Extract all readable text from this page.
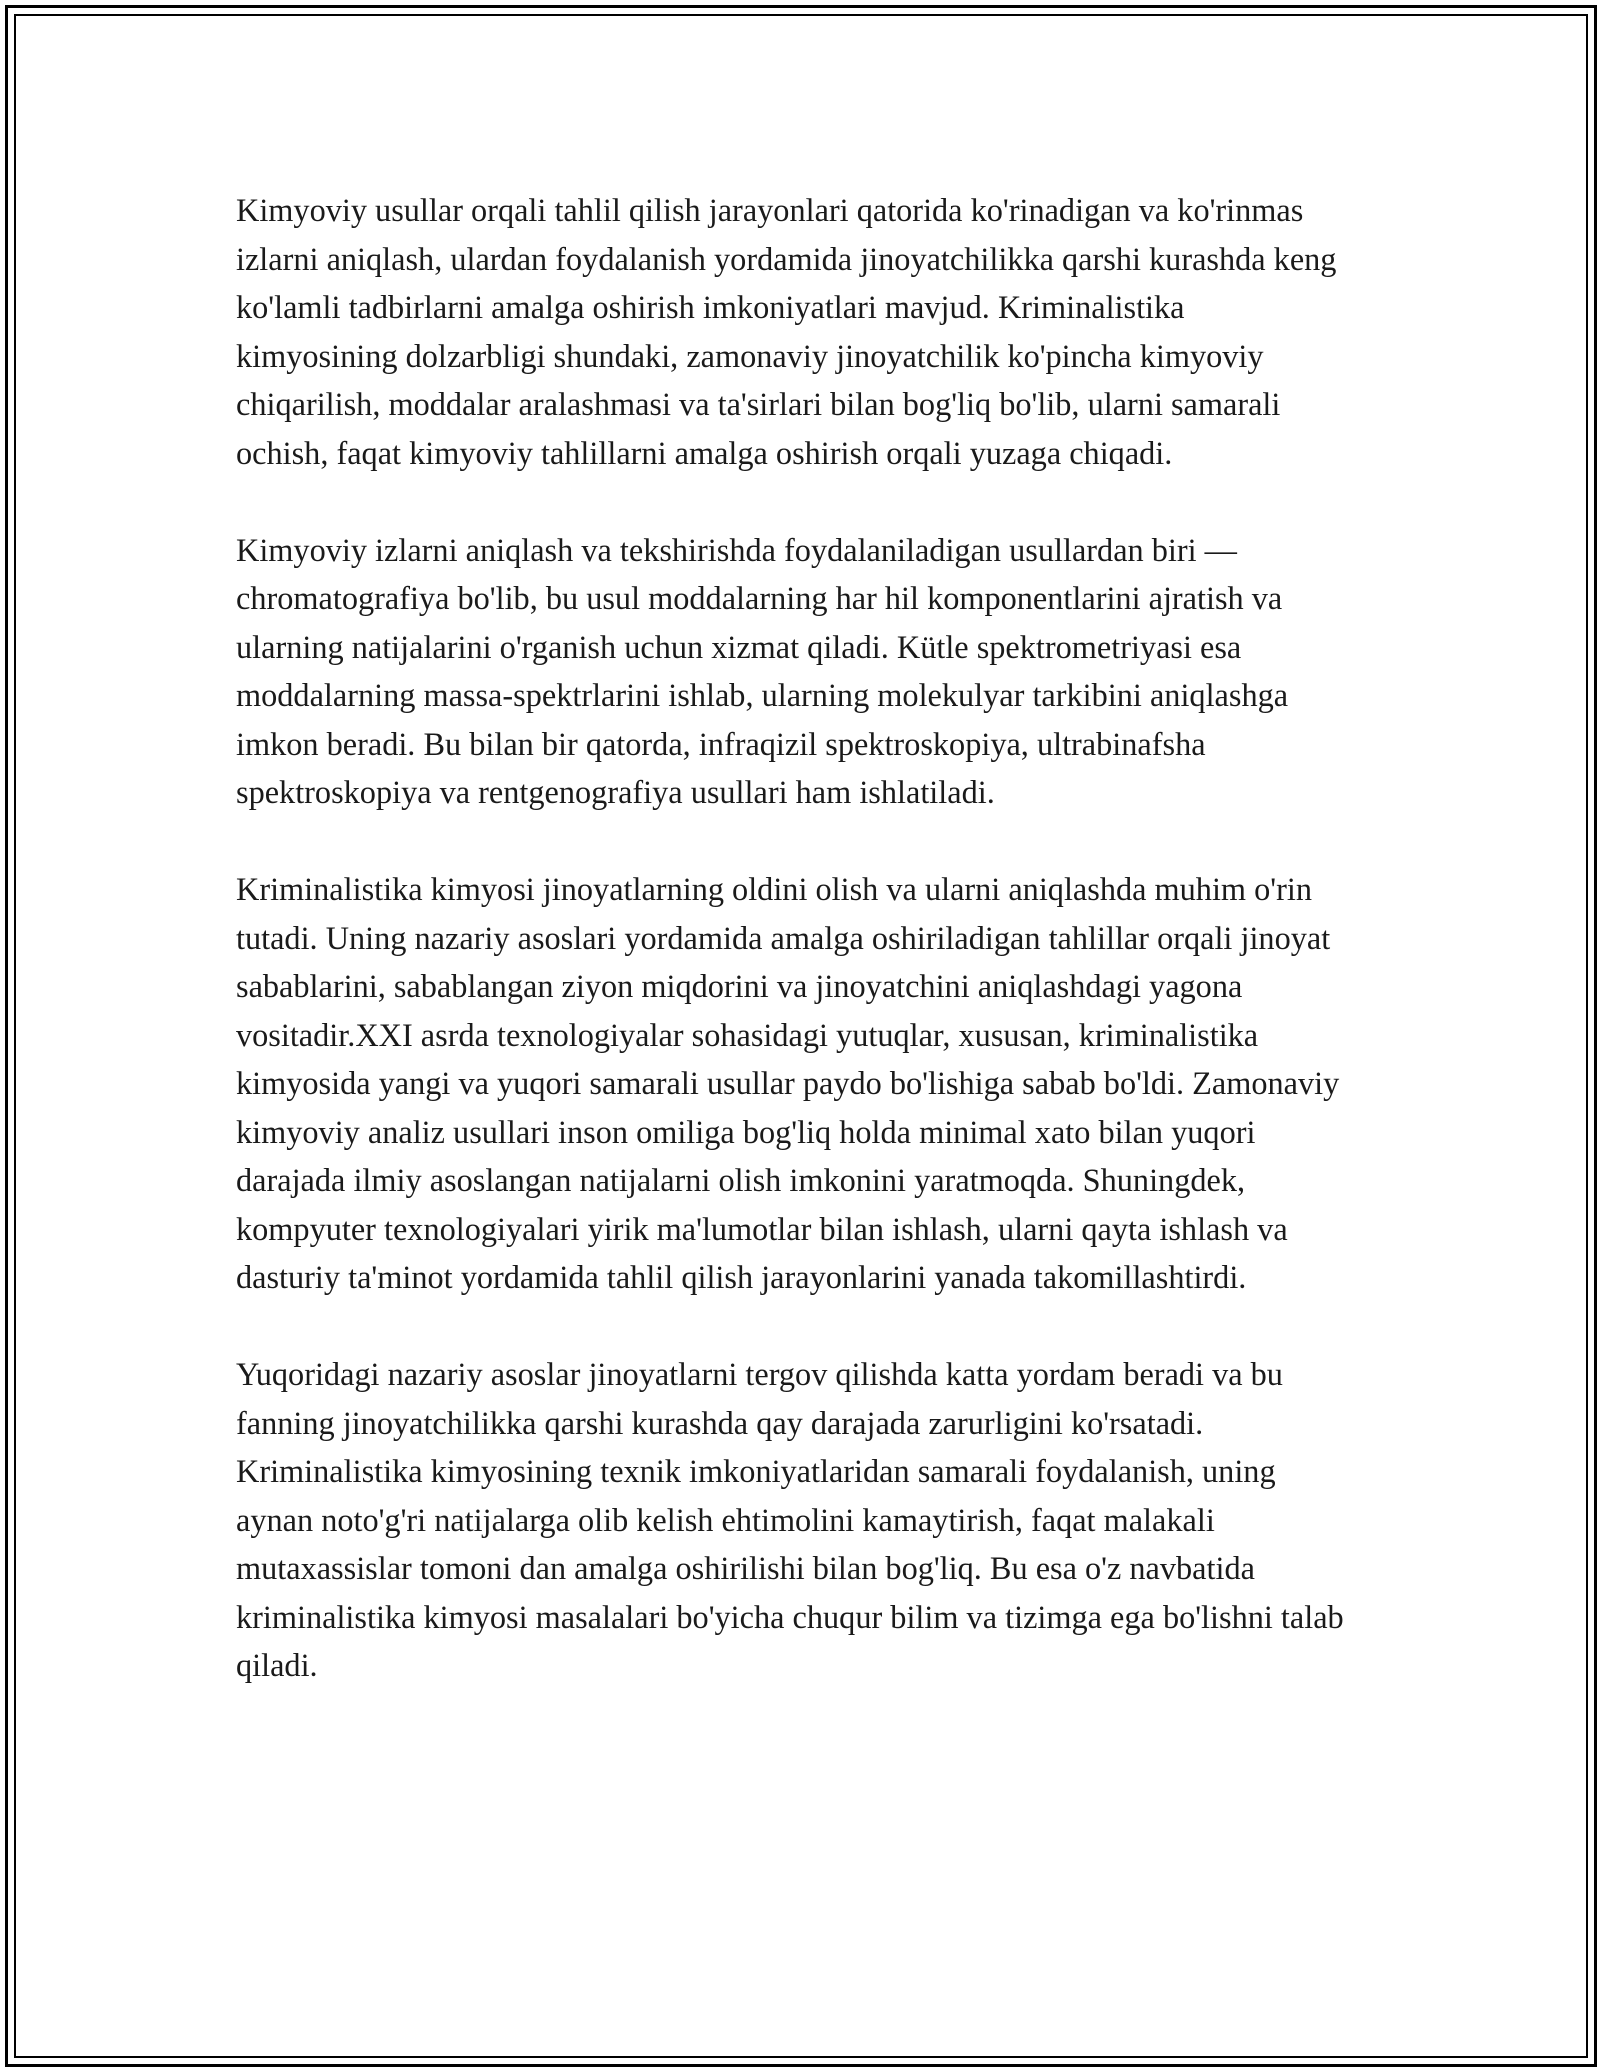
Kimyoviy usullar orqali tahlil qilish jarayonlari qatorida ko'rinadigan va ko'rinmas izlarni aniqlash, ulardan foydalanish yordamida jinoyatchilikka qarshi kurashda keng ko'lamli tadbirlarni amalga oshirish imkoniyatlari mavjud. Kriminalistika kimyosining dolzarbligi shundaki, zamonaviy jinoyatchilik ko'pincha kimyoviy chiqarilish, moddalar aralashmasi va ta'sirlari bilan bog'liq bo'lib, ularni samarali ochish, faqat kimyoviy tahlillarni amalga oshirish orqali yuzaga chiqadi.

Kimyoviy izlarni aniqlash va tekshirishda foydalaniladigan usullardan biri — chromatografiya bo'lib, bu usul moddalarning har hil komponentlarini ajratish va ularning natijalarini o'rganish uchun xizmat qiladi. Kütle spektrometriyasi esa moddalarning massa-spektrlarini ishlab, ularning molekulyar tarkibini aniqlashga imkon beradi. Bu bilan bir qatorda, infraqizil spektroskopiya, ultrabinafsha spektroskopiya va rentgenografiya usullari ham ishlatiladi.

Kriminalistika kimyosi jinoyatlarning oldini olish va ularni aniqlashda muhim o'rin tutadi. Uning nazariy asoslari yordamida amalga oshiriladigan tahlillar orqali jinoyat sabablarini, sabablangan ziyon miqdorini va jinoyatchini aniqlashdagi yagona vositadir.XXI asrda texnologiyalar sohasidagi yutuqlar, xususan, kriminalistika kimyosida yangi va yuqori samarali usullar paydo bo'lishiga sabab bo'ldi. Zamonaviy kimyoviy analiz usullari inson omiliga bog'liq holda minimal xato bilan yuqori darajada ilmiy asoslangan natijalarni olish imkonini yaratmoqda. Shuningdek, kompyuter texnologiyalari yirik ma'lumotlar bilan ishlash, ularni qayta ishlash va dasturiy ta'minot yordamida tahlil qilish jarayonlarini yanada takomillashtirdi.

Yuqoridagi nazariy asoslar jinoyatlarni tergov qilishda katta yordam beradi va bu fanning jinoyatchilikka qarshi kurashda qay darajada zarurligini ko'rsatadi. Kriminalistika kimyosining texnik imkoniyatlaridan samarali foydalanish, uning aynan noto'g'ri natijalarga olib kelish ehtimolini kamaytirish, faqat malakali mutaxassislar tomoni dan amalga oshirilishi bilan bog'liq. Bu esa o'z navbatida kriminalistika kimyosi masalalari bo'yicha chuqur bilim va tizimga ega bo'lishni talab qiladi.
